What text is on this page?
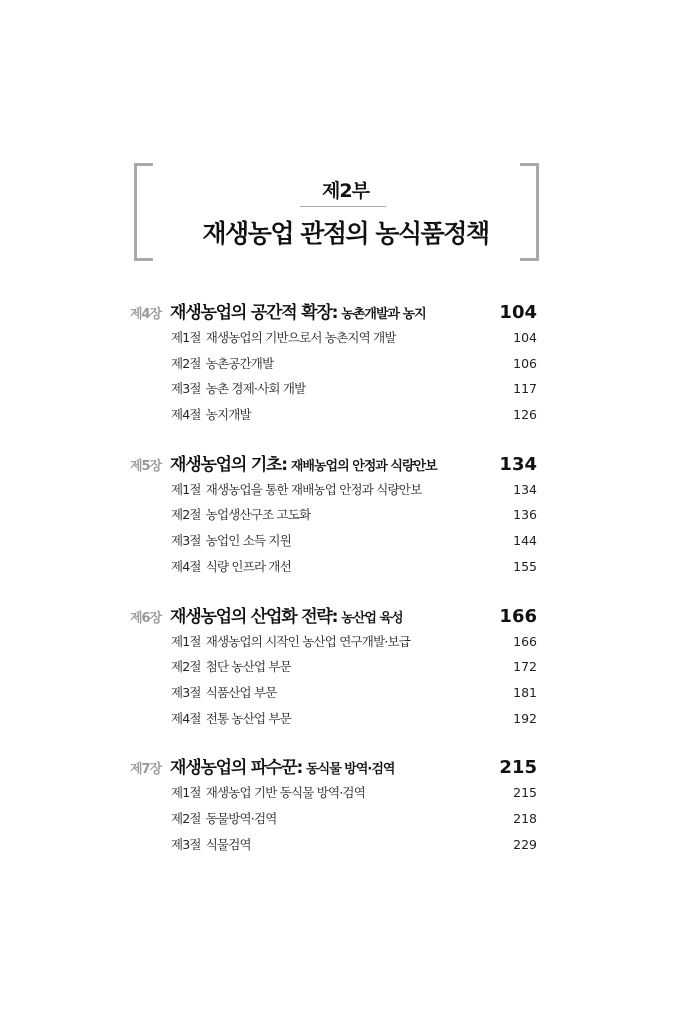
제2부
재생농업 관점의 농식품정책
제4장 재생농업의 공간적 확장: 농촌개발과 농지	104
제1절 재생농업의 기반으로서 농촌지역 개발	104
제2절 농촌공간개발	106
제3절 농촌 경제·사회 개발	117
제4절 농지개발	126
제5장 재생농업의 기초: 재배농업의 안정과 식량안보	134
제1절 재생농업을 통한 재배농업 안정과 식량안보	134
제2절 농업생산구조 고도화	136
제3절 농업인 소득 지원	144
제4절 식량 인프라 개선	155
제6장 재생농업의 산업화 전략: 농산업 육성	166
제1절 재생농업의 시작인 농산업 연구개발·보급	166
제2절 첨단 농산업 부문	172
제3절 식품산업 부문	181
제4절 전통 농산업 부문	192
제7장 재생농업의 파수꾼: 동식물 방역·검역	215
제1절 재생농업 기반 동식물 방역·검역	215
제2절 동물방역·검역	218
제3절 식물검역	229
